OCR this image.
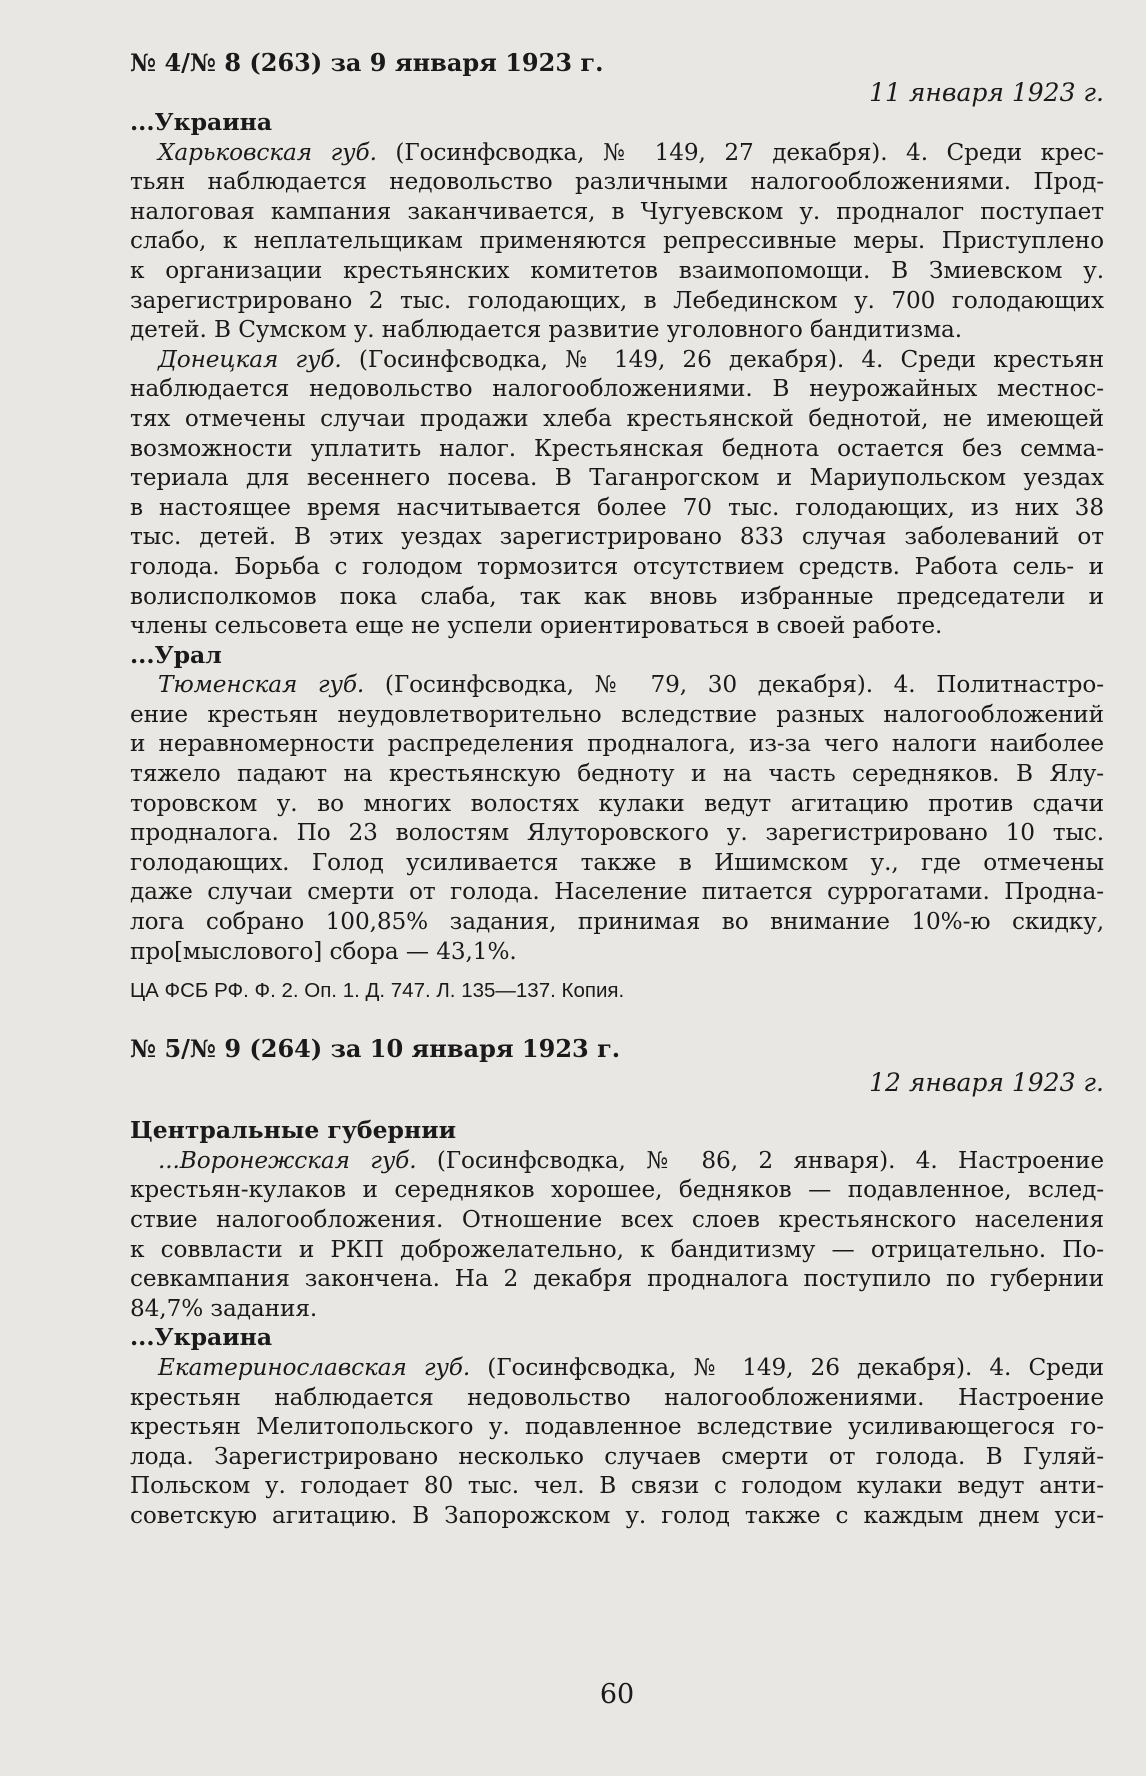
№ 4/№ 8 (263) за 9 января 1923 г.
11 января 1923 г.
...Украина
Харьковская губ. (Госинфсводка, № 149, 27 декабря). 4. Среди крес-
тьян наблюдается недовольство различными налогообложениями. Прод-
налоговая кампания заканчивается, в Чугуевском у. продналог поступает
слабо, к неплательщикам применяются репрессивные меры. Приступлено
к организации крестьянских комитетов взаимопомощи. В Змиевском у.
зарегистрировано 2 тыс. голодающих, в Лебединском у. 700 голодающих
детей. В Сумском у. наблюдается развитие уголовного бандитизма.
Донецкая губ. (Госинфсводка, № 149, 26 декабря). 4. Среди крестьян
наблюдается недовольство налогообложениями. В неурожайных местнос-
тях отмечены случаи продажи хлеба крестьянской беднотой, не имеющей
возможности уплатить налог. Крестьянская беднота остается без семма-
териала для весеннего посева. В Таганрогском и Мариупольском уездах
в настоящее время насчитывается более 70 тыс. голодающих, из них 38
тыс. детей. В этих уездах зарегистрировано 833 случая заболеваний от
голода. Борьба с голодом тормозится отсутствием средств. Работа сель- и
волисполкомов пока слаба, так как вновь избранные председатели и
члены сельсовета еще не успели ориентироваться в своей работе.
...Урал
Тюменская губ. (Госинфсводка, № 79, 30 декабря). 4. Политнастро-
ение крестьян неудовлетворительно вследствие разных налогообложений
и неравномерности распределения продналога, из-за чего налоги наиболее
тяжело падают на крестьянскую бедноту и на часть середняков. В Ялу-
торовском у. во многих волостях кулаки ведут агитацию против сдачи
продналога. По 23 волостям Ялуторовского у. зарегистрировано 10 тыс.
голодающих. Голод усиливается также в Ишимском у., где отмечены
даже случаи смерти от голода. Население питается суррогатами. Продна-
лога собрано 100,85% задания, принимая во внимание 10%-ю скидку,
про[мыслового] сбора — 43,1%.
ЦА ФСБ РФ. Ф. 2. Оп. 1. Д. 747. Л. 135—137. Копия.
№ 5/№ 9 (264) за 10 января 1923 г.
12 января 1923 г.
Центральные губернии
...Воронежская губ. (Госинфсводка, № 86, 2 января). 4. Настроение
крестьян-кулаков и середняков хорошее, бедняков — подавленное, вслед-
ствие налогообложения. Отношение всех слоев крестьянского населения
к соввласти и РКП доброжелательно, к бандитизму — отрицательно. По-
севкампания закончена. На 2 декабря продналога поступило по губернии
84,7% задания.
...Украина
Екатеринославская губ. (Госинфсводка, № 149, 26 декабря). 4. Среди
крестьян наблюдается недовольство налогообложениями. Настроение
крестьян Мелитопольского у. подавленное вследствие усиливающегося го-
лода. Зарегистрировано несколько случаев смерти от голода. В Гуляй-
Польском у. голодает 80 тыс. чел. В связи с голодом кулаки ведут анти-
советскую агитацию. В Запорожском у. голод также с каждым днем уси-
60
